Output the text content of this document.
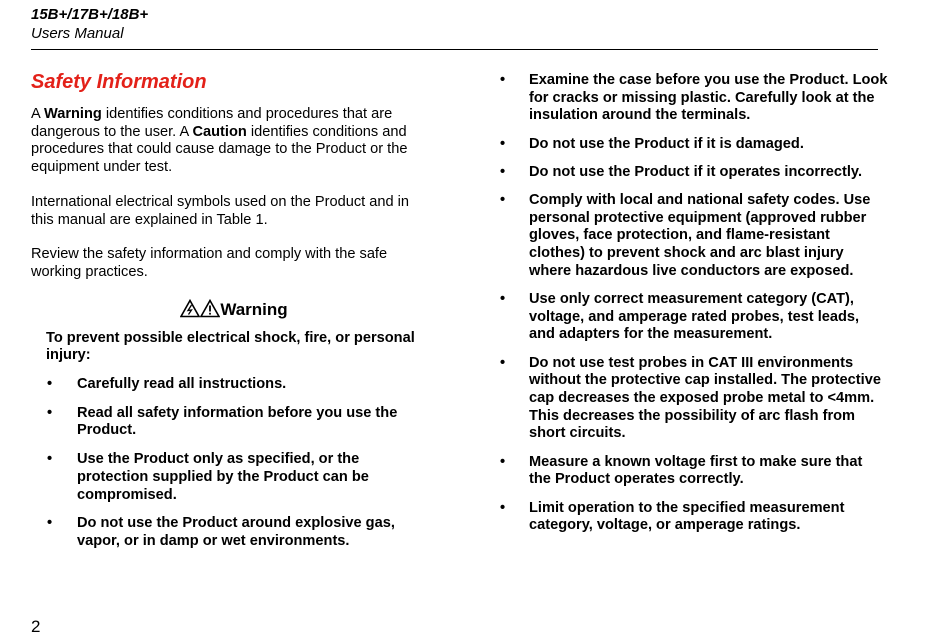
15B+/17B+/18B+
Users Manual
Safety Information

A Warning identifies conditions and procedures that are dangerous to the user. A Caution identifies conditions and procedures that could cause damage to the Product or the equipment under test.

International electrical symbols used on the Product and in this manual are explained in Table 1.

Review the safety information and comply with the safe working practices.

Warning

To prevent possible electrical shock, fire, or personal injury:

• Carefully read all instructions.
• Read all safety information before you use the Product.
• Use the Product only as specified, or the protection supplied by the Product can be compromised.
• Do not use the Product around explosive gas, vapor, or in damp or wet environments.
• Examine the case before you use the Product. Look for cracks or missing plastic. Carefully look at the insulation around the terminals.
• Do not use the Product if it is damaged.
• Do not use the Product if it operates incorrectly.
• Comply with local and national safety codes. Use personal protective equipment (approved rubber gloves, face protection, and flame-resistant clothes) to prevent shock and arc blast injury where hazardous live conductors are exposed.
• Use only correct measurement category (CAT), voltage, and amperage rated probes, test leads, and adapters for the measurement.
• Do not use test probes in CAT III environments without the protective cap installed. The protective cap decreases the exposed probe metal to <4mm. This decreases the possibility of arc flash from short circuits.
• Measure a known voltage first to make sure that the Product operates correctly.
• Limit operation to the specified measurement category, voltage, or amperage ratings.
2
